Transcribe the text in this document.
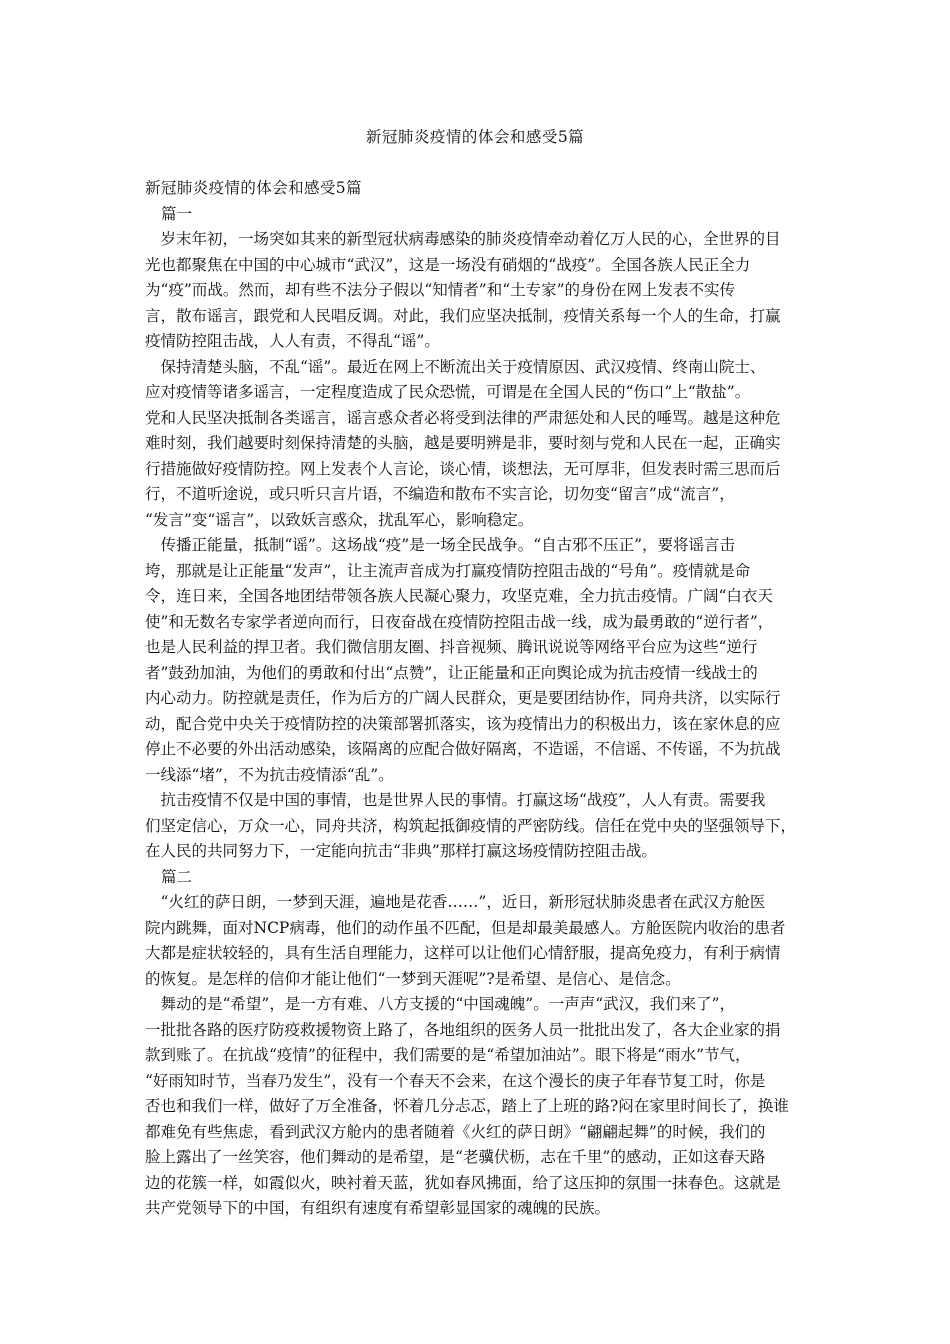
新冠肺炎疫情的体会和感受5篇
新冠肺炎疫情的体会和感受5篇
篇一
　岁末年初，一场突如其来的新型冠状病毒感染的肺炎疫情牵动着亿万人民的心，全世界的目
光也都聚焦在中国的中心城市“武汉”，这是一场没有硝烟的“战疫”。全国各族人民正全力
为“疫”而战。然而，却有些不法分子假以“知情者”和“土专家”的身份在网上发表不实传
言，散布谣言，跟党和人民唱反调。对此，我们应坚决抵制，疫情关系每一个人的生命，打赢
疫情防控阻击战，人人有责，不得乱“谣”。
　保持清楚头脑，不乱“谣”。最近在网上不断流出关于疫情原因、武汉疫情、终南山院士、
应对疫情等诸多谣言，一定程度造成了民众恐慌，可谓是在全国人民的“伤口”上“散盐”。
党和人民坚决抵制各类谣言，谣言惑众者必将受到法律的严肃惩处和人民的唾骂。越是这种危
难时刻，我们越要时刻保持清楚的头脑，越是要明辨是非，要时刻与党和人民在一起，正确实
行措施做好疫情防控。网上发表个人言论，谈心情，谈想法，无可厚非，但发表时需三思而后
行，不道听途说，或只听只言片语，不编造和散布不实言论，切勿变“留言”成“流言”，
“发言”变“谣言”，以致妖言惑众，扰乱军心，影响稳定。
　传播正能量，抵制“谣”。这场战“疫”是一场全民战争。“自古邪不压正”，要将谣言击
垮，那就是让正能量“发声”，让主流声音成为打赢疫情防控阻击战的“号角”。疫情就是命
令，连日来，全国各地团结带领各族人民凝心聚力，攻坚克难，全力抗击疫情。广阔“白衣天
使”和无数名专家学者逆向而行，日夜奋战在疫情防控阻击战一线，成为最勇敢的“逆行者”，
也是人民利益的捍卫者。我们微信朋友圈、抖音视频、腾讯说说等网络平台应为这些“逆行
者”鼓劲加油，为他们的勇敢和付出“点赞”，让正能量和正向舆论成为抗击疫情一线战士的
内心动力。防控就是责任，作为后方的广阔人民群众，更是要团结协作，同舟共济，以实际行
动，配合党中央关于疫情防控的决策部署抓落实，该为疫情出力的积极出力，该在家休息的应
停止不必要的外出活动感染，该隔离的应配合做好隔离，不造谣，不信谣、不传谣，不为抗战
一线添“堵”，不为抗击疫情添“乱”。
　抗击疫情不仅是中国的事情，也是世界人民的事情。打赢这场“战疫”，人人有责。需要我
们坚定信心，万众一心，同舟共济，构筑起抵御疫情的严密防线。信任在党中央的坚强领导下，
在人民的共同努力下，一定能向抗击“非典”那样打赢这场疫情防控阻击战。
篇二
　“火红的萨日朗，一梦到天涯，遍地是花香……”，近日，新形冠状肺炎患者在武汉方舱医
院内跳舞，面对NCP病毒，他们的动作虽不匹配，但是却最美最感人。方舱医院内收治的患者
大都是症状较轻的，具有生活自理能力，这样可以让他们心情舒服，提高免疫力，有利于病情
的恢复。是怎样的信仰才能让他们“一梦到天涯呢”?是希望、是信心、是信念。
　舞动的是“希望”，是一方有难、八方支援的“中国魂魄”。一声声“武汉，我们来了”，
一批批各路的医疗防疫救援物资上路了，各地组织的医务人员一批批出发了，各大企业家的捐
款到账了。在抗战“疫情”的征程中，我们需要的是“希望加油站”。眼下将是“雨水”节气，
“好雨知时节，当春乃发生”，没有一个春天不会来，在这个漫长的庚子年春节复工时，你是
否也和我们一样，做好了万全准备，怀着几分忐忑，踏上了上班的路?闷在家里时间长了，换谁
都难免有些焦虑，看到武汉方舱内的患者随着《火红的萨日朗》“翩翩起舞”的时候，我们的
脸上露出了一丝笑容，他们舞动的是希望，是“老骥伏枥，志在千里”的感动，正如这春天路
边的花簇一样，如霞似火，映衬着天蓝，犹如春风拂面，给了这压抑的氛围一抹春色。这就是
共产党领导下的中国，有组织有速度有希望彰显国家的魂魄的民族。
